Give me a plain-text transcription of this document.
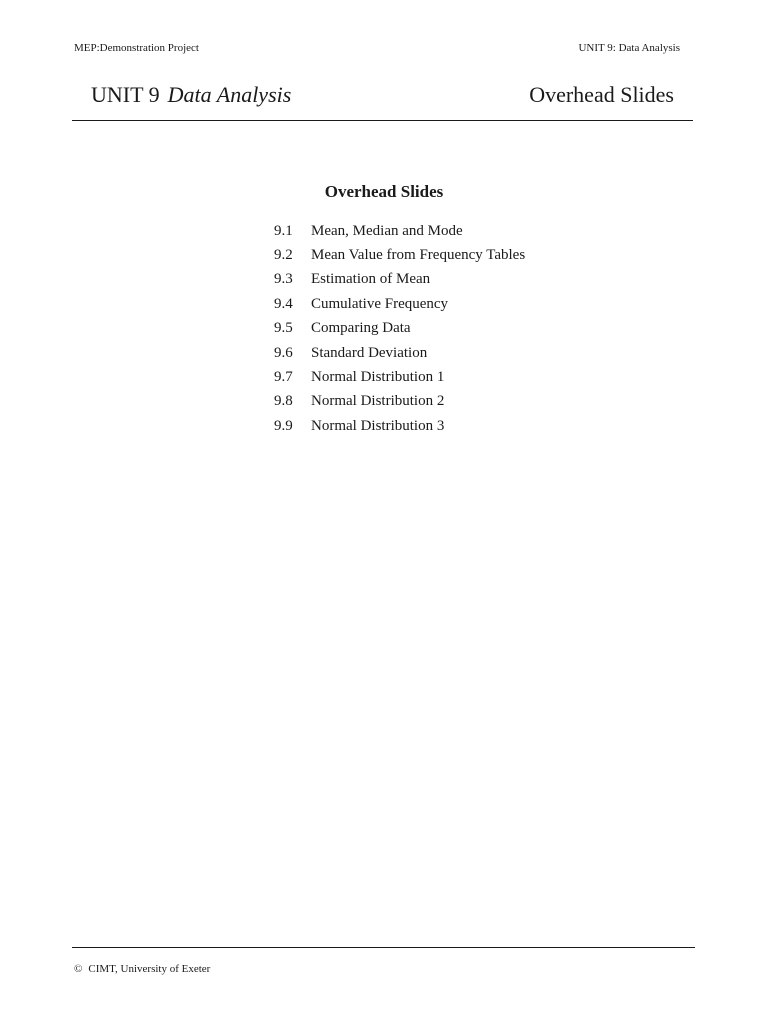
MEP:Demonstration Project	UNIT 9: Data Analysis
UNIT 9 Data Analysis	Overhead Slides
Overhead Slides
9.1	Mean, Median and Mode
9.2	Mean Value from Frequency Tables
9.3	Estimation of Mean
9.4	Cumulative Frequency
9.5	Comparing Data
9.6	Standard Deviation
9.7	Normal Distribution 1
9.8	Normal Distribution 2
9.9	Normal Distribution 3
© CIMT, University of Exeter
